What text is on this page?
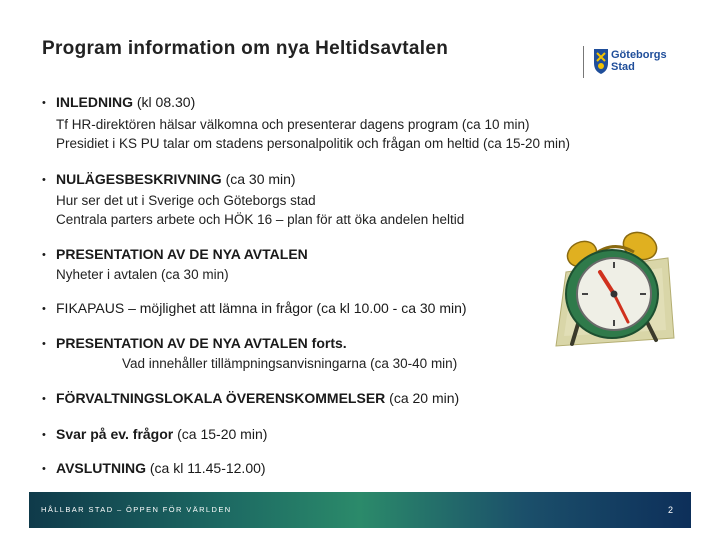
Program information om nya Heltidsavtalen	Göteborgs
Stad
• INLEDNING (kl 08.30)
Tf HR-direktören hälsar välkomna och presenterar dagens program (ca 10 min)
Presidiet i KS PU talar om stadens personalpolitik och frågan om heltid (ca 15-20 min)
• NULÄGESBESKRIVNING (ca 30 min)
Hur ser det ut i Sverige och Göteborgs stad
Centrala parters arbete och HÖK 16 – plan för att öka andelen heltid
• PRESENTATION AV DE NYA AVTALEN
Nyheter i avtalen (ca 30 min)
• FIKAPAUS – möjlighet att lämna in frågor (ca kl 10.00 - ca 30 min)
• PRESENTATION AV DE NYA AVTALEN forts.
Vad innehåller tillämpningsanvisningarna (ca 30-40 min)
• FÖRVALTNINGSLOKALA ÖVERENSKOMMELSER (ca 20 min)
• Svar på ev. frågor (ca 15-20 min)
• AVSLUTNING (ca kl 11.45-12.00)
HÅLLBAR STAD – ÖPPEN FÖR VÄRLDEN	2
